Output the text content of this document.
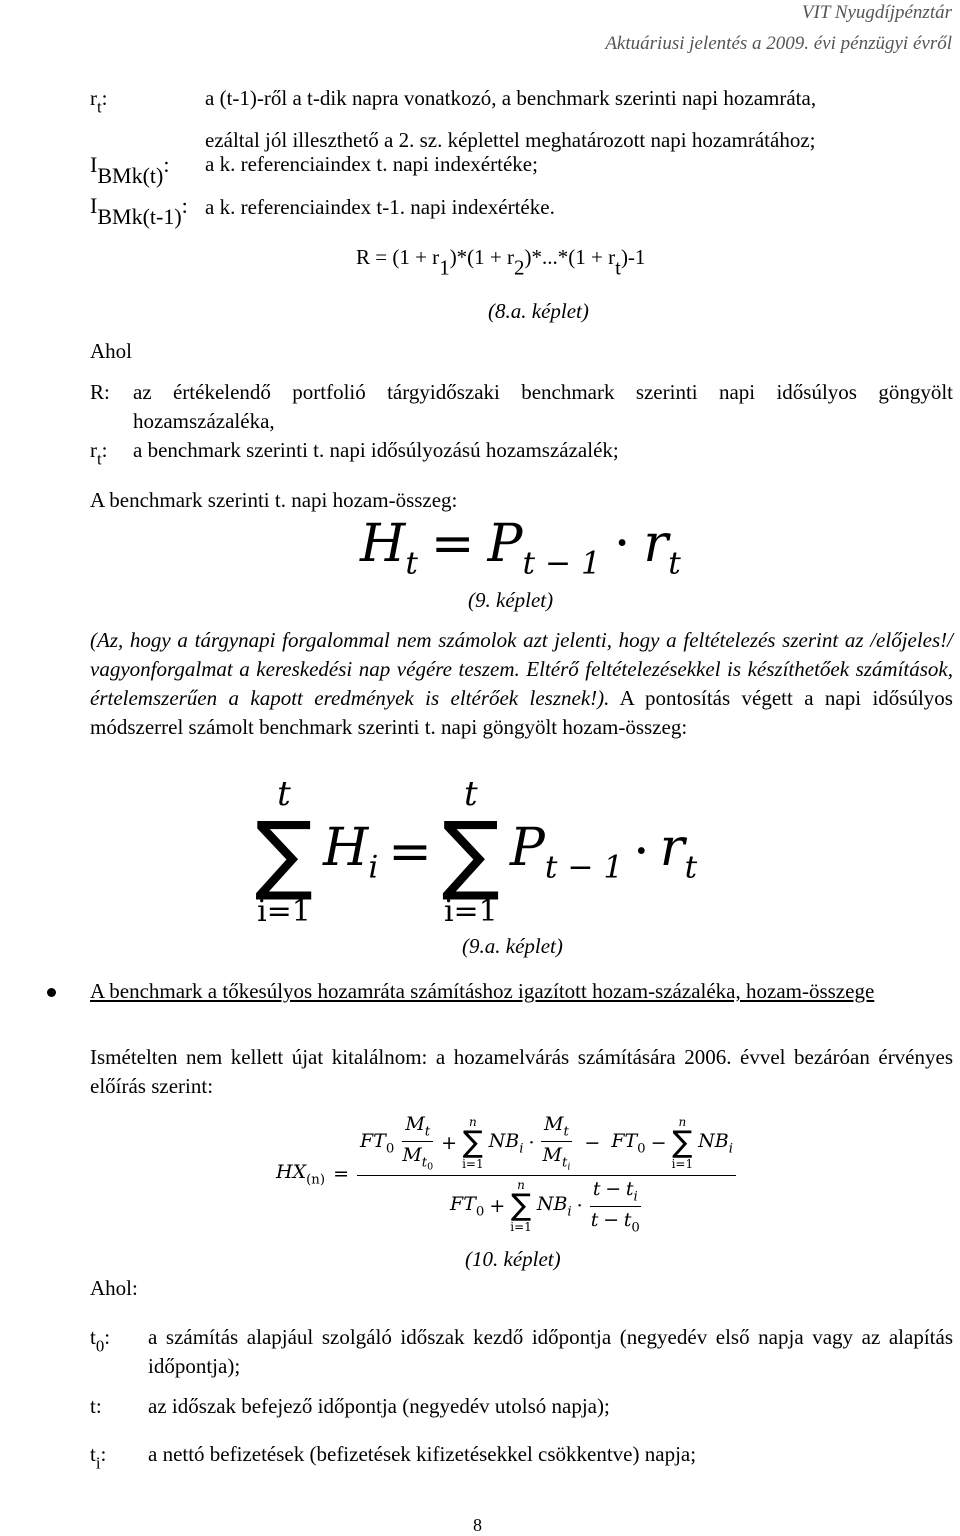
VIT Nyugdíjpénztár
Aktuáriusi jelentés a 2009. évi pénzügyi évről
$r_t$:	a (t-1)-ről a t-dik napra vonatkozó, a benchmark szerinti napi hozamráta,
ezáltal jól illeszthető a 2. sz. képlettel meghatározott napi hozamrátához;
IBMk(t): a k. referenciaindex t. napi indexértéke;
IBMk(t-1): a k. referenciaindex t-1. napi indexértéke.
R = (1 + r1)*(1 + r2)*...*(1 + rt)-1
(8.a. képlet)
Ahol
R: az értékelendő portfolió tárgyidőszaki benchmark szerinti napi idősúlyos göngyölt hozamszázaléka,
$r_t$: a benchmark szerinti t. napi idősúlyozású hozamszázalék;
A benchmark szerinti t. napi hozam-összeg:
$H_t = P_{t - 1} \cdot r_t$
(9. képlet)
(Az, hogy a tárgynapi forgalommal nem számolok azt jelenti, hogy a feltételezés szerint az /előjeles!/ vagyonforgalmat a kereskedési nap végére teszem. Eltérő feltételezésekkel is készíthetőek számítások, értelemszerűen a kapott eredmények is eltérőek lesznek!). A pontosítás végett a napi idősúlyos módszerrel számolt benchmark szerinti t. napi göngyölt hozam-összeg:
t
∑
i=1
$H_i$ =
t
∑
i=1
$P_{t - 1} \cdot r_t$
(9.a. képlet)
A benchmark a tőkesúlyos hozamráta számításhoz igazított hozam-százaléka, hozam-összege
Ismételten nem kellett újat kitalálnom: a hozamelvárás számítására 2006. évvel bezáróan érvényes előírás szerint:
$HX_{(n)}$ =
$FT_0 \frac{M_t}{M_{t0}}$ +
n
∑
i=1
$NB_i \cdot \frac{M_t}{M_{ti}} - FT_0$ −
n
∑
i=1
$NB_i$
$FT_0$ +
n
∑
i=1
$NB_i \cdot \frac{t - t_i}{t - t_0}$
(10. képlet)
Ahol:
$t_0$: a számítás alapjául szolgáló időszak kezdő időpontja (negyedév első napja vagy az alapítás időpontja);
t: az időszak befejező időpontja (negyedév utolsó napja);
$t_i$: a nettó befizetések (befizetések kifizetésekkel csökkentve) napja;
8
